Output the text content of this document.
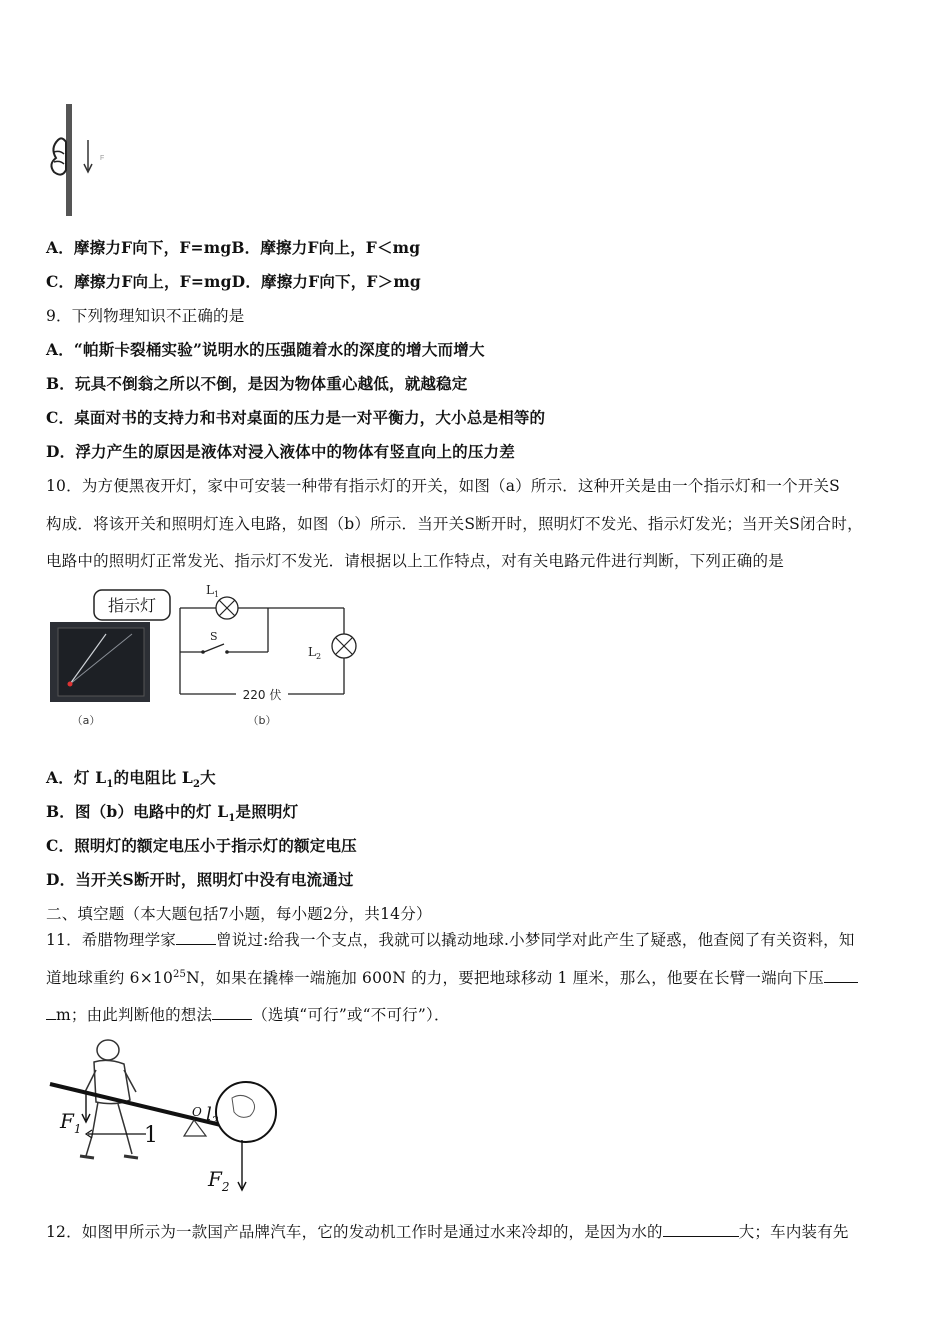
F
A．摩擦力F向下，F=mgB．摩擦力F向上，F＜mg
C．摩擦力F向上，F=mgD．摩擦力F向下，F＞mg
9．下列物理知识不正确的是
A．“帕斯卡裂桶实验”说明水的压强随着水的深度的增大而增大
B．玩具不倒翁之所以不倒，是因为物体重心越低，就越稳定
C．桌面对书的支持力和书对桌面的压力是一对平衡力，大小总是相等的
D．浮力产生的原因是液体对浸入液体中的物体有竖直向上的压力差
10．为方便黑夜开灯，家中可安装一种带有指示灯的开关，如图（a）所示．这种开关是由一个指示灯和一个开关S
构成．将该开关和照明灯连入电路，如图（b）所示．当开关S断开时，照明灯不发光、指示灯发光；当开关S闭合时，
电路中的照明灯正常发光、指示灯不发光．请根据以上工作特点，对有关电路元件进行判断，下列正确的是
指示灯
（a）
$L_1$
$L_2$
S
220 伏
（b）
A．灯 $L_1$的电阻比 $L_2$大
B．图（b）电路中的灯 $L_1$是照明灯
C．照明灯的额定电压小于指示灯的额定电压
D．当开关S断开时，照明灯中没有电流通过
二、填空题（本大题包括7小题，每小题2分，共14分）
11．希腊物理学家	曾说过:给我一个支点，我就可以撬动地球.小梦同学对此产生了疑惑，他查阅了有关资料，知
道地球重约 $6\times 10^{25}N$，如果在撬棒一端施加 600N 的力，要把地球移动 1 厘米，那么，他要在长臂一端向下压
m；由此判断他的想法	（选填“可行”或“不可行”）．
$F_1$	1
O $l_2$
$F_2$
12．如图甲所示为一款国产品牌汽车，它的发动机工作时是通过水来冷却的，是因为水的	大；车内装有先
